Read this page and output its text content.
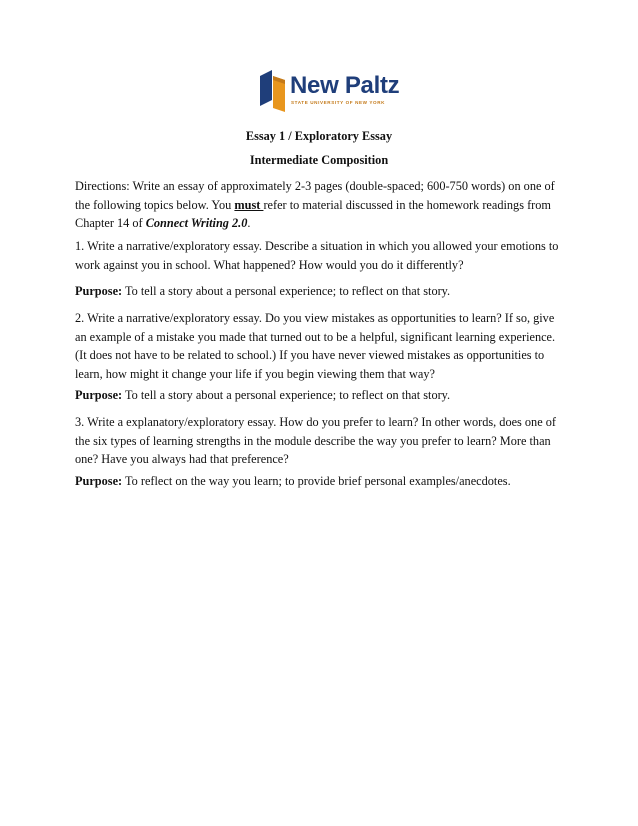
New Paltz
STATE UNIVERSITY OF NEW YORK
Essay 1 / Exploratory Essay
Intermediate Composition

Directions: Write an essay of approximately 2-3 pages (double-spaced; 600-750 words) on one of the following topics below. You must refer to material discussed in the homework readings from Chapter 14 of Connect Writing 2.0.

1. Write a narrative/exploratory essay. Describe a situation in which you allowed your emotions to work against you in school. What happened? How would you do it differently?

Purpose: To tell a story about a personal experience; to reflect on that story.

2. Write a narrative/exploratory essay. Do you view mistakes as opportunities to learn? If so, give an example of a mistake you made that turned out to be a helpful, significant learning experience. (It does not have to be related to school.) If you have never viewed mistakes as opportunities to learn, how might it change your life if you begin viewing them that way?

Purpose: To tell a story about a personal experience; to reflect on that story.

3. Write a explanatory/exploratory essay. How do you prefer to learn? In other words, does one of the six types of learning strengths in the module describe the way you prefer to learn? More than one? Have you always had that preference?

Purpose: To reflect on the way you learn; to provide brief personal examples/anecdotes.
